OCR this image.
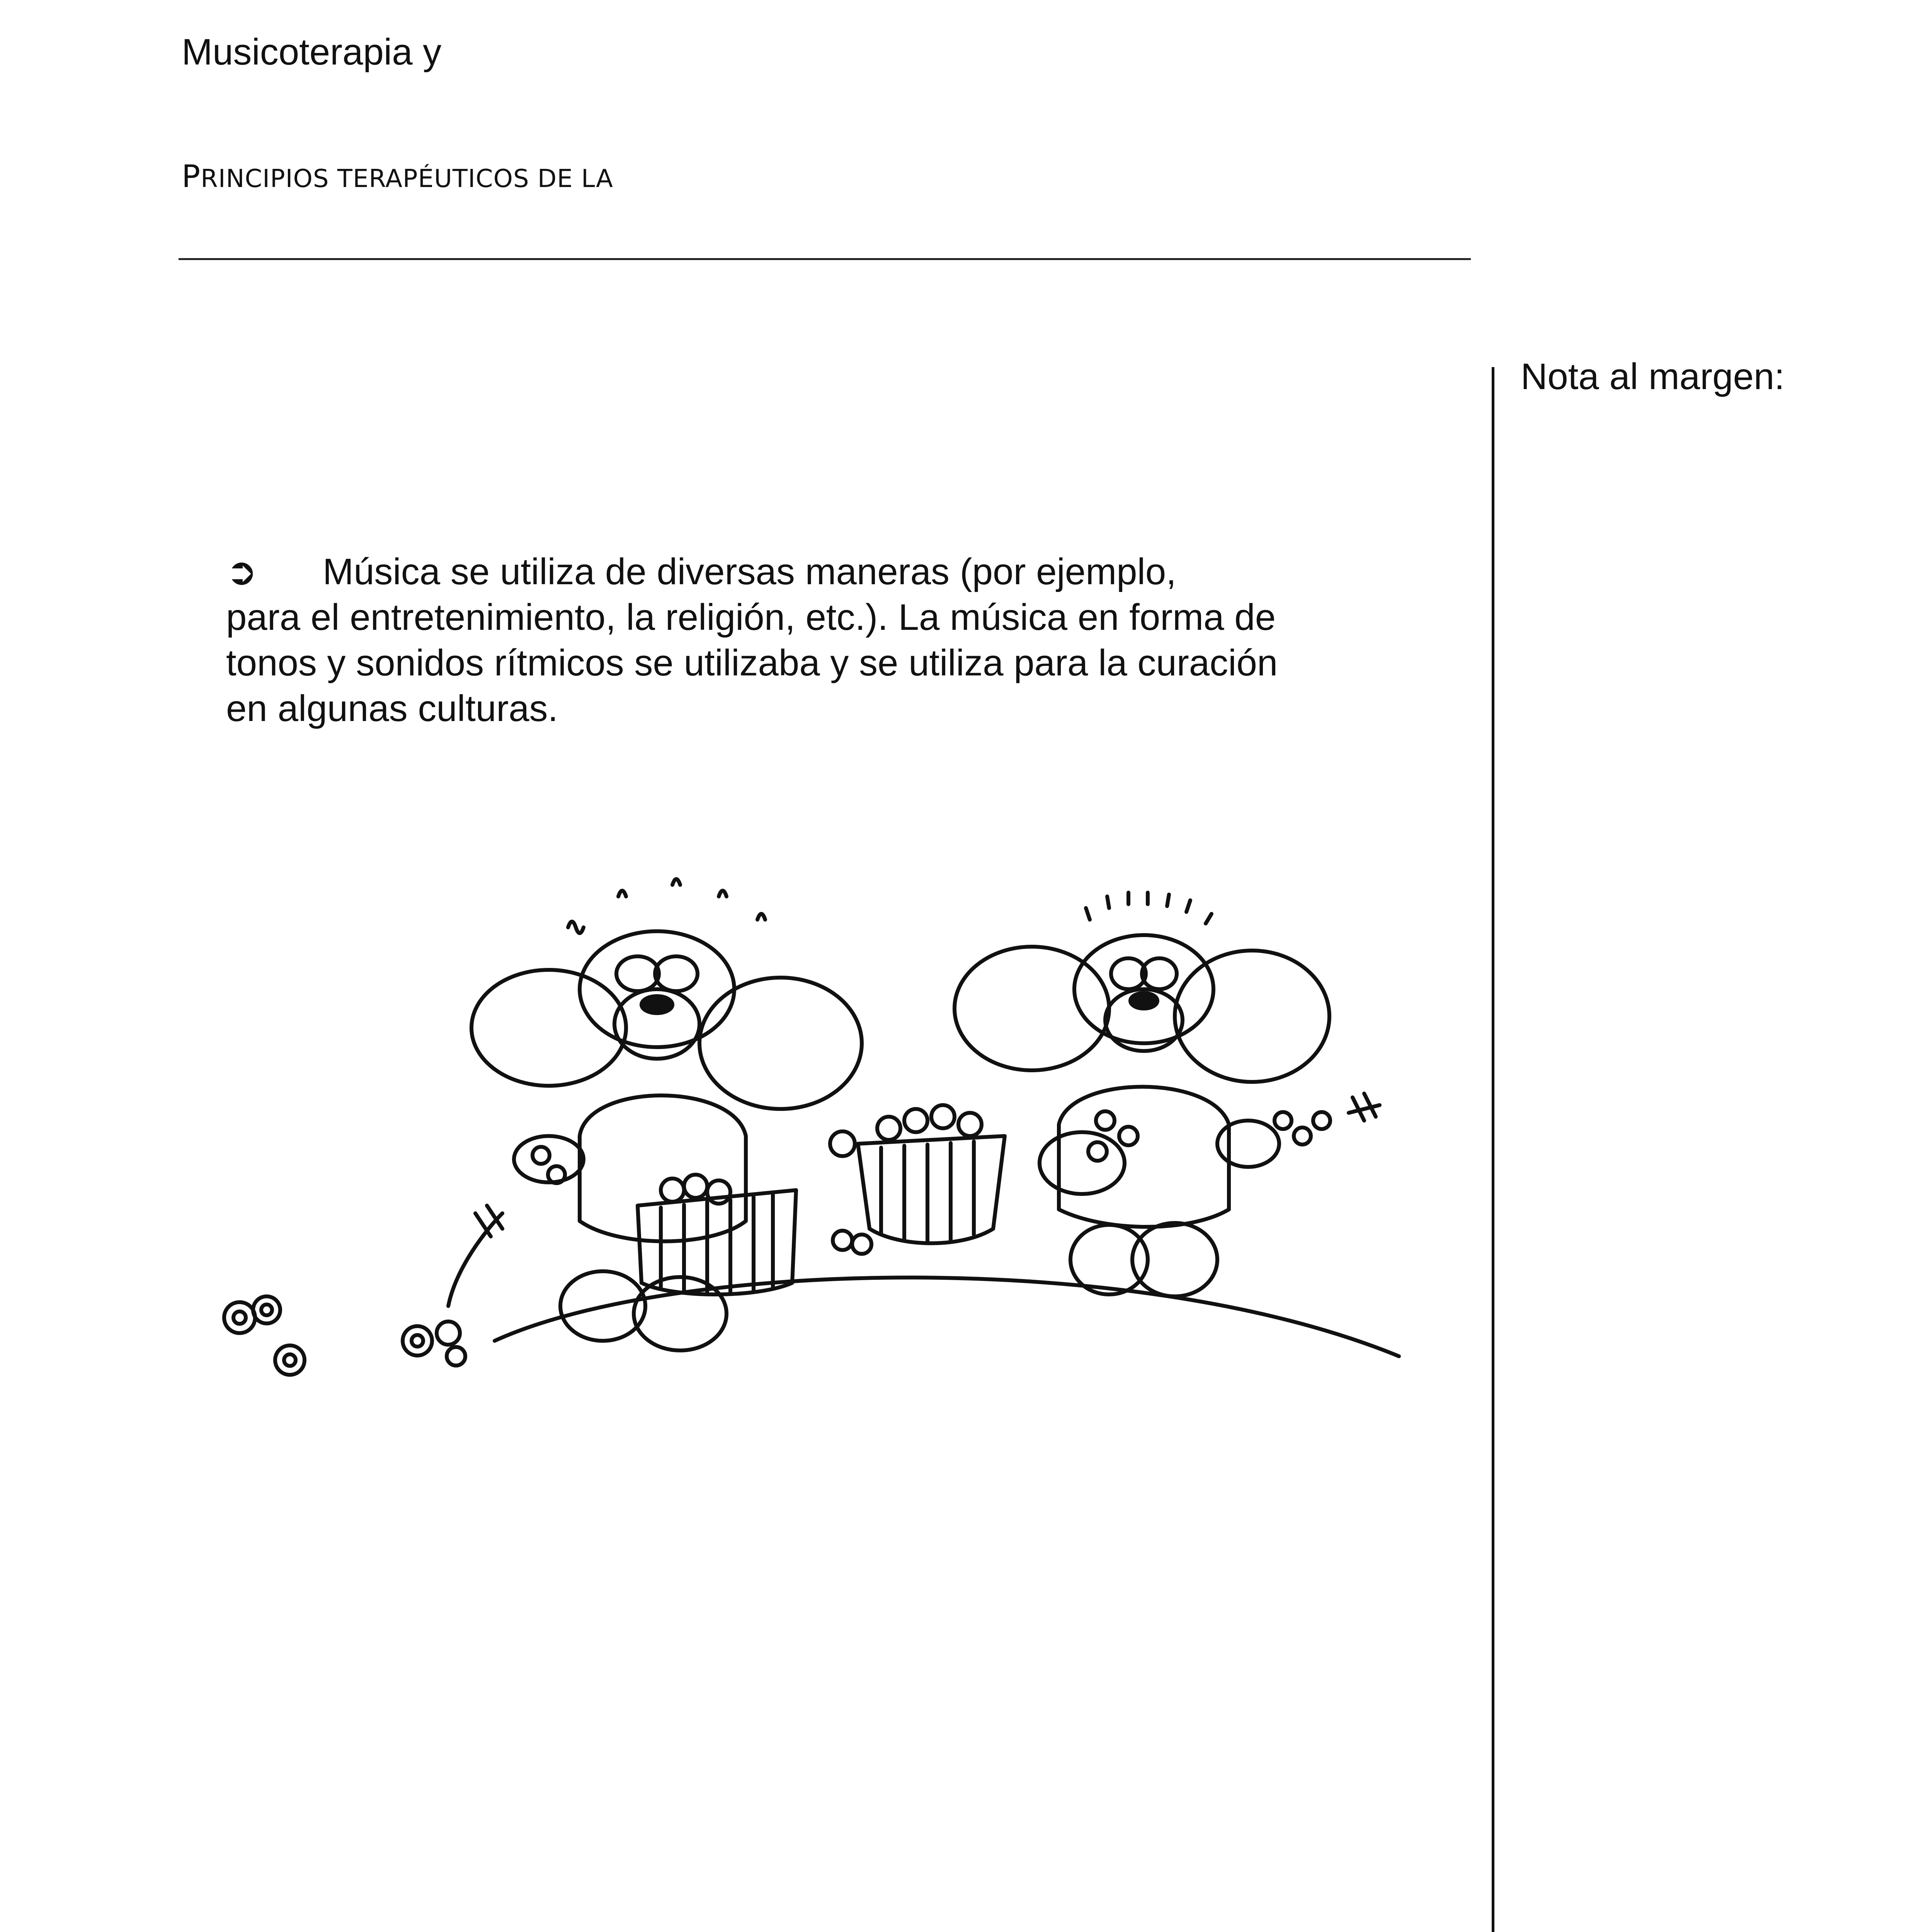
Musicoterapia y
PRINCIPIOS TERAPÉUTICOS DE LA
Nota al margen:
➲ Música se utiliza de diversas maneras (por ejemplo,
para el entretenimiento, la religión, etc.). La música en forma de
tonos y sonidos rítmicos se utilizaba y se utiliza para la curación
en algunas culturas.
